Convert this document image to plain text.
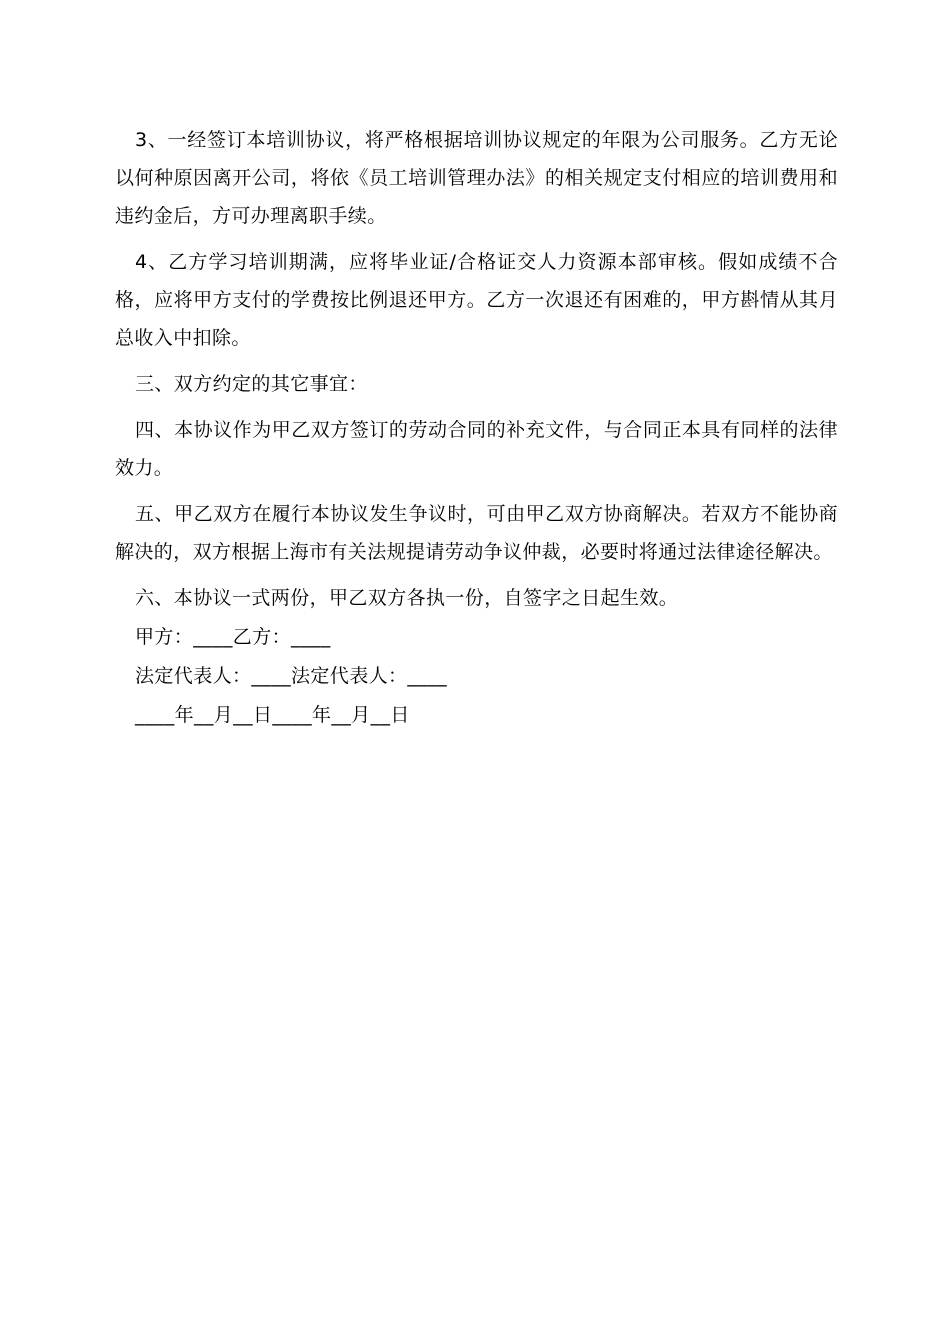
3、一经签订本培训协议，将严格根据培训协议规定的年限为公司服务。乙方无论以何种原因离开公司，将依《员工培训管理办法》的相关规定支付相应的培训费用和违约金后，方可办理离职手续。

4、乙方学习培训期满，应将毕业证/合格证交人力资源本部审核。假如成绩不合格，应将甲方支付的学费按比例退还甲方。乙方一次退还有困难的，甲方斟情从其月总收入中扣除。

三、双方约定的其它事宜：

四、本协议作为甲乙双方签订的劳动合同的补充文件，与合同正本具有同样的法律效力。

五、甲乙双方在履行本协议发生争议时，可由甲乙双方协商解决。若双方不能协商解决的，双方根据上海市有关法规提请劳动争议仲裁，必要时将通过法律途径解决。

六、本协议一式两份，甲乙双方各执一份，自签字之日起生效。

甲方：____乙方：____

法定代表人：____法定代表人：____

____年__月__日____年__月__日
